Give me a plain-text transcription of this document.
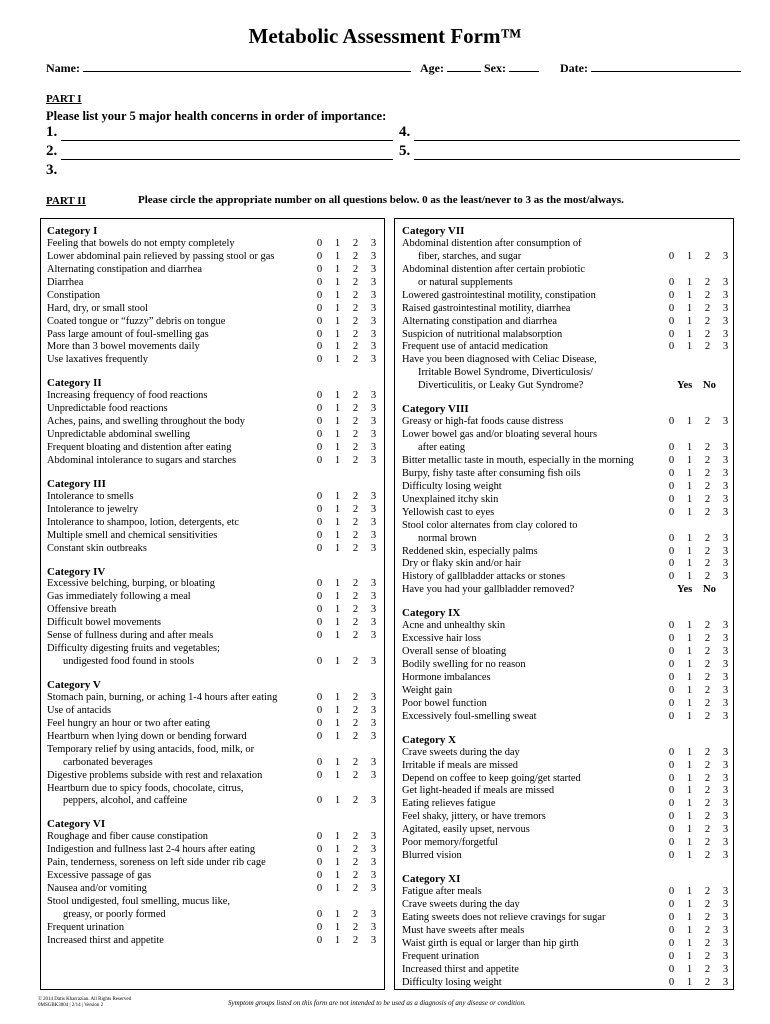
Metabolic Assessment Form™
Name:	Age:	Sex:	Date:
PART I
Please list your 5 major health concerns in order of importance:
1.
2.
3.
4.
5.
PART II	Please circle the appropriate number on all questions below. 0 as the least/never to 3 as the most/always.
Category I
Feeling that bowels do not empty completely	0	1	2	3
Lower abdominal pain relieved by passing stool or gas	0	1	2	3
Alternating constipation and diarrhea	0	1	2	3
Diarrhea	0	1	2	3
Constipation	0	1	2	3
Hard, dry, or small stool	0	1	2	3
Coated tongue or “fuzzy” debris on tongue	0	1	2	3
Pass large amount of foul-smelling gas	0	1	2	3
More than 3 bowel movements daily	0	1	2	3
Use laxatives frequently	0	1	2	3
Category II
Increasing frequency of food reactions	0	1	2	3
Unpredictable food reactions	0	1	2	3
Aches, pains, and swelling throughout the body	0	1	2	3
Unpredictable abdominal swelling	0	1	2	3
Frequent bloating and distention after eating	0	1	2	3
Abdominal intolerance to sugars and starches	0	1	2	3
Category III
Intolerance to smells	0	1	2	3
Intolerance to jewelry	0	1	2	3
Intolerance to shampoo, lotion, detergents, etc	0	1	2	3
Multiple smell and chemical sensitivities	0	1	2	3
Constant skin outbreaks	0	1	2	3
Category IV
Excessive belching, burping, or bloating	0	1	2	3
Gas immediately following a meal	0	1	2	3
Offensive breath	0	1	2	3
Difficult bowel movements	0	1	2	3
Sense of fullness during and after meals	0	1	2	3
Difficulty digesting fruits and vegetables;
undigested food found in stools	0	1	2	3
Category V
Stomach pain, burning, or aching 1-4 hours after eating	0	1	2	3
Use of antacids	0	1	2	3
Feel hungry an hour or two after eating	0	1	2	3
Heartburn when lying down or bending forward	0	1	2	3
Temporary relief by using antacids, food, milk, or
carbonated beverages	0	1	2	3
Digestive problems subside with rest and relaxation	0	1	2	3
Heartburn due to spicy foods, chocolate, citrus,
peppers, alcohol, and caffeine	0	1	2	3
Category VI
Roughage and fiber cause constipation	0	1	2	3
Indigestion and fullness last 2-4 hours after eating	0	1	2	3
Pain, tenderness, soreness on left side under rib cage	0	1	2	3
Excessive passage of gas	0	1	2	3
Nausea and/or vomiting	0	1	2	3
Stool undigested, foul smelling, mucus like,
greasy, or poorly formed	0	1	2	3
Frequent urination	0	1	2	3
Increased thirst and appetite	0	1	2	3
Category VII
Abdominal distention after consumption of
fiber, starches, and sugar	0	1	2	3
Abdominal distention after certain probiotic
or natural supplements	0	1	2	3
Lowered gastrointestinal motility, constipation	0	1	2	3
Raised gastrointestinal motility, diarrhea	0	1	2	3
Alternating constipation and diarrhea	0	1	2	3
Suspicion of nutritional malabsorption	0	1	2	3
Frequent use of antacid medication	0	1	2	3
Have you been diagnosed with Celiac Disease,
Irritable Bowel Syndrome, Diverticulosis/
Diverticulitis, or Leaky Gut Syndrome?	Yes No
Category VIII
Greasy or high-fat foods cause distress	0	1	2	3
Lower bowel gas and/or bloating several hours
after eating	0	1	2	3
Bitter metallic taste in mouth, especially in the morning	0	1	2	3
Burpy, fishy taste after consuming fish oils	0	1	2	3
Difficulty losing weight	0	1	2	3
Unexplained itchy skin	0	1	2	3
Yellowish cast to eyes	0	1	2	3
Stool color alternates from clay colored to
normal brown	0	1	2	3
Reddened skin, especially palms	0	1	2	3
Dry or flaky skin and/or hair	0	1	2	3
History of gallbladder attacks or stones	0	1	2	3
Have you had your gallbladder removed?	Yes No
Category IX
Acne and unhealthy skin	0	1	2	3
Excessive hair loss	0	1	2	3
Overall sense of bloating	0	1	2	3
Bodily swelling for no reason	0	1	2	3
Hormone imbalances	0	1	2	3
Weight gain	0	1	2	3
Poor bowel function	0	1	2	3
Excessively foul-smelling sweat	0	1	2	3
Category X
Crave sweets during the day	0	1	2	3
Irritable if meals are missed	0	1	2	3
Depend on coffee to keep going/get started	0	1	2	3
Get light-headed if meals are missed	0	1	2	3
Eating relieves fatigue	0	1	2	3
Feel shaky, jittery, or have tremors	0	1	2	3
Agitated, easily upset, nervous	0	1	2	3
Poor memory/forgetful	0	1	2	3
Blurred vision	0	1	2	3
Category XI
Fatigue after meals	0	1	2	3
Crave sweets during the day	0	1	2	3
Eating sweets does not relieve cravings for sugar	0	1	2	3
Must have sweets after meals	0	1	2	3
Waist girth is equal or larger than hip girth	0	1	2	3
Frequent urination	0	1	2	3
Increased thirst and appetite	0	1	2	3
Difficulty losing weight	0	1	2	3
© 2014 Datis Kharrazian. All Rights Reserved
0MSGBK3004 | 2/14 | Version 2	Symptom groups listed on this form are not intended to be used as a diagnosis of any disease or condition.
